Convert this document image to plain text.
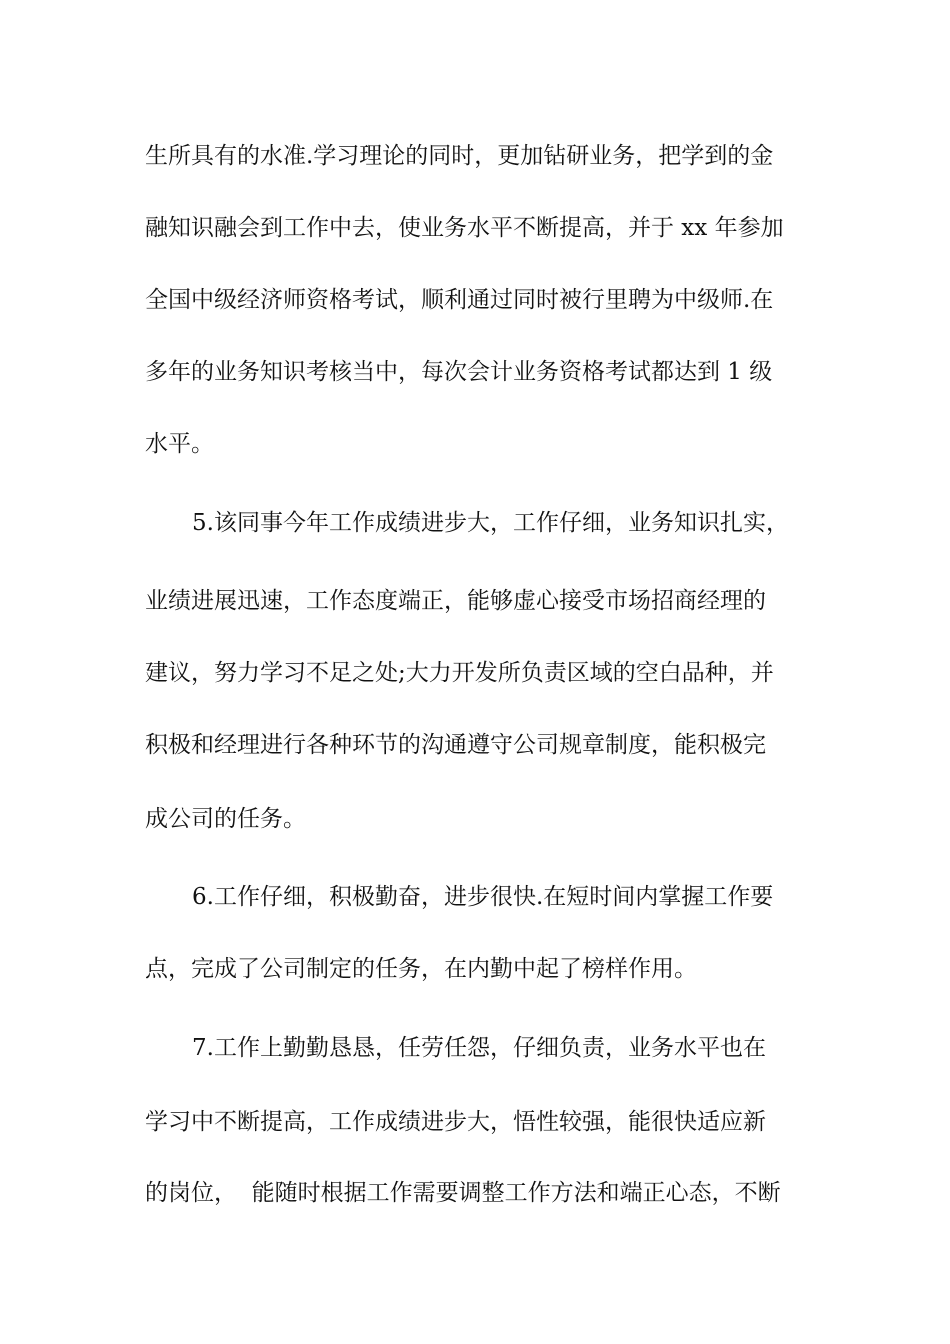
生所具有的水准.学习理论的同时，更加钻研业务，把学到的金

融知识融会到工作中去，使业务水平不断提高，并于 xx 年参加

全国中级经济师资格考试，顺利通过同时被行里聘为中级师.在

多年的业务知识考核当中，每次会计业务资格考试都达到 1 级

水平。

5.该同事今年工作成绩进步大，工作仔细，业务知识扎实，

业绩进展迅速，工作态度端正，能够虚心接受市场招商经理的

建议，努力学习不足之处;大力开发所负责区域的空白品种，并

积极和经理进行各种环节的沟通遵守公司规章制度，能积极完

成公司的任务。

6.工作仔细，积极勤奋，进步很快.在短时间内掌握工作要

点，完成了公司制定的任务，在内勤中起了榜样作用。

7.工作上勤勤恳恳，任劳任怨，仔细负责，业务水平也在

学习中不断提高，工作成绩进步大，悟性较强，能很快适应新

的岗位，  能随时根据工作需要调整工作方法和端正心态，不断
